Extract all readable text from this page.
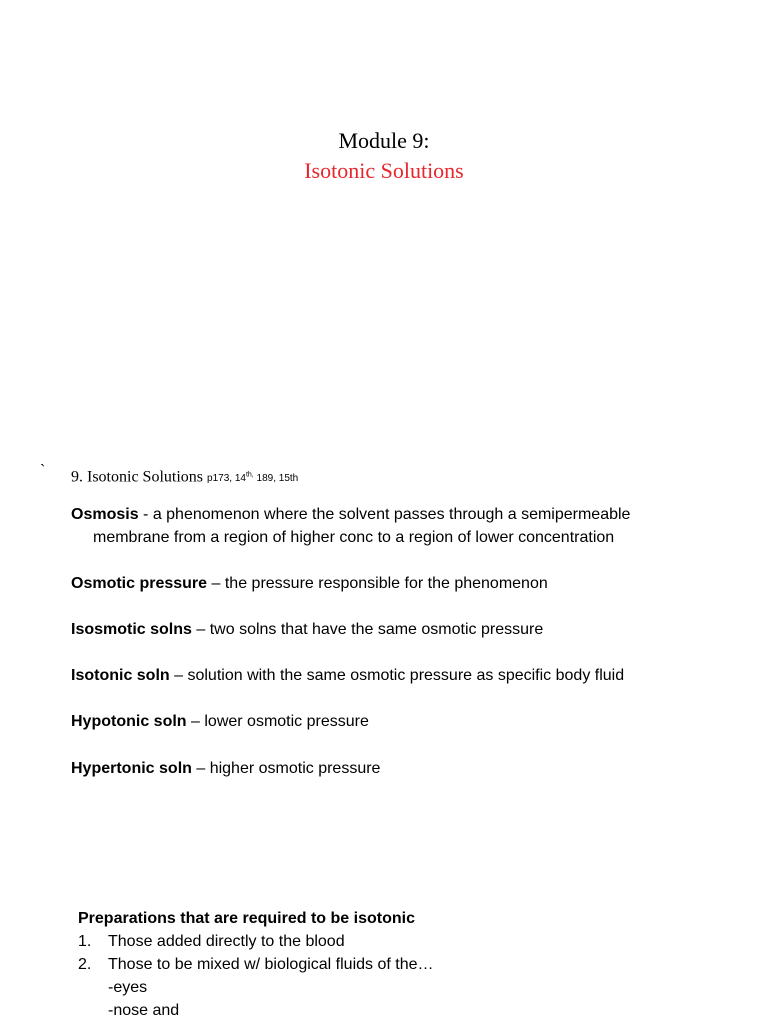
Module 9:
Isotonic Solutions
` 9. Isotonic Solutions p173, $14^{th,}$ 189, 15th
Osmosis - a phenomenon where the solvent passes through a semipermeable
membrane from a region of higher conc to a region of lower concentration
Osmotic pressure – the pressure responsible for the phenomenon
Isosmotic solns – two solns that have the same osmotic pressure
Isotonic soln – solution with the same osmotic pressure as specific body fluid
Hypotonic soln – lower osmotic pressure
Hypertonic soln – higher osmotic pressure
Preparations that are required to be isotonic
1. Those added directly to the blood
2. Those to be mixed w/ biological fluids of the…
-eyes
-nose and
